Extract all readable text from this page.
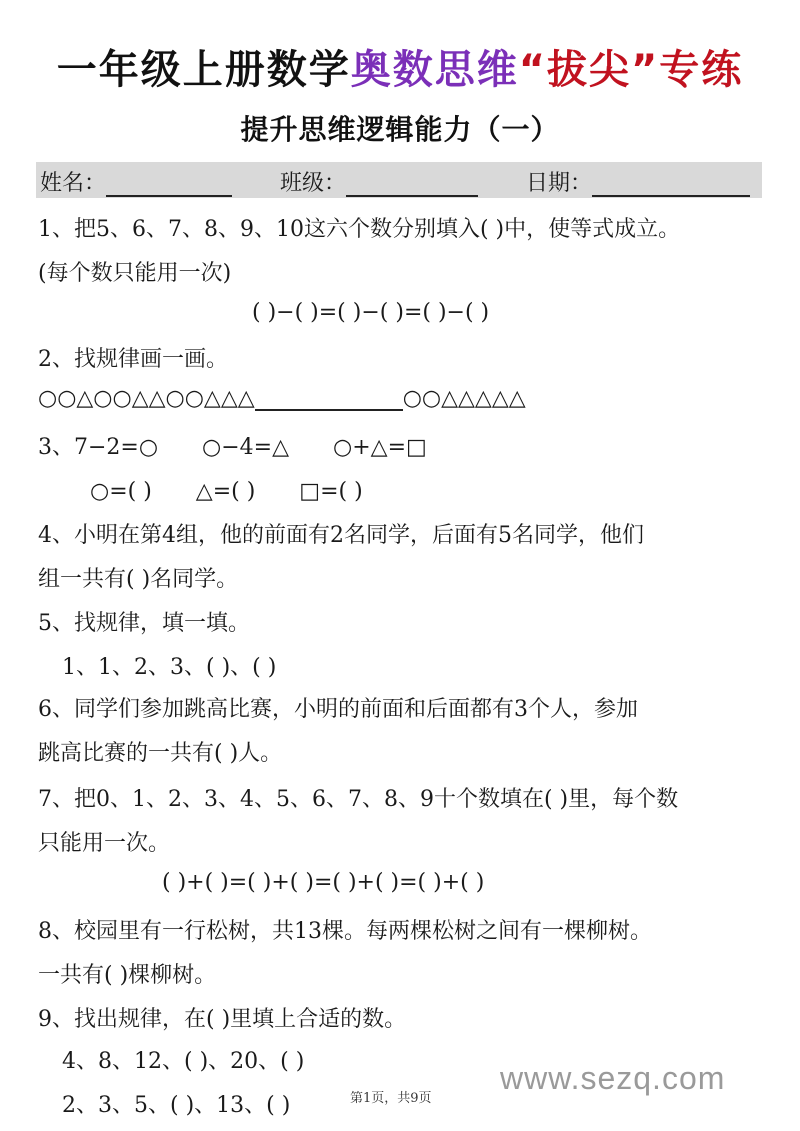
一年级上册数学奥数思维“拔尖”专练
提升思维逻辑能力（一）
姓名：	班级：	日期：
1、把5、6、7、8、9、10这六个数分别填入( )中，使等式成立。
(每个数只能用一次)
( )−( )=( )−( )=( )−( )
2、找规律画一画。
○○△○○△△○○△△△	○○△△△△△
3、7−2=○　　○−4=△　　○+△=□
○=( )　　△=( )　　□=( )
4、小明在第4组，他的前面有2名同学，后面有5名同学，他们
组一共有( )名同学。
5、找规律，填一填。
1、1、2、3、( )、( )
6、同学们参加跳高比赛，小明的前面和后面都有3个人，参加
跳高比赛的一共有( )人。
7、把0、1、2、3、4、5、6、7、8、9十个数填在( )里，每个数
只能用一次。
( )+( )=( )+( )=( )+( )=( )+( )
8、校园里有一行松树，共13棵。每两棵松树之间有一棵柳树。
一共有( )棵柳树。
9、找出规律，在( )里填上合适的数。
4、8、12、( )、20、( )
2、3、5、( )、13、( )
www.sezq.com
第1页，共9页
